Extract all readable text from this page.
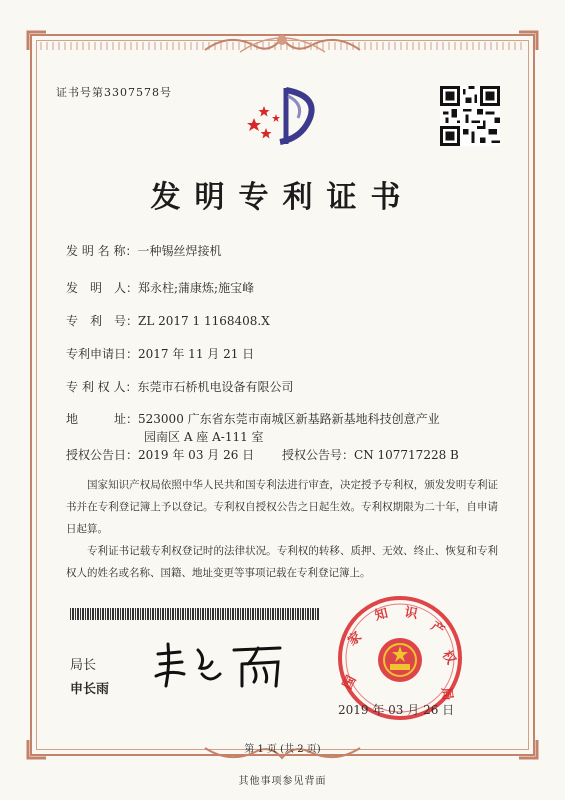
证书号第3307578号
发明专利证书
发 明 名 称：一种锡丝焊接机
发　明　人：郑永柱;蒲康炼;施宝峰
专　利　号：ZL 2017 1 1168408.X
专利申请日：2017 年 11 月 21 日
专 利 权 人：东莞市石桥机电设备有限公司
地　　　址：523000 广东省东莞市南城区新基路新基地科技创意产业
园南区 A 座 A-111 室
授权公告日：2019 年 03 月 26 日 授权公告号：CN 107717228 B
国家知识产权局依照中华人民共和国专利法进行审查，决定授予专利权，颁发发明专利证书并在专利登记簿上予以登记。专利权自授权公告之日起生效。专利权期限为二十年，自申请日起算。
专利证书记载专利权登记时的法律状况。专利权的转移、质押、无效、终止、恢复和专利权人的姓名或名称、国籍、地址变更等事项记载在专利登记簿上。
局长
申长雨	国
家
知 识
产
权
局
2019 年 03 月 26 日
第 1 页 (共 2 页)
其他事项参见背面
